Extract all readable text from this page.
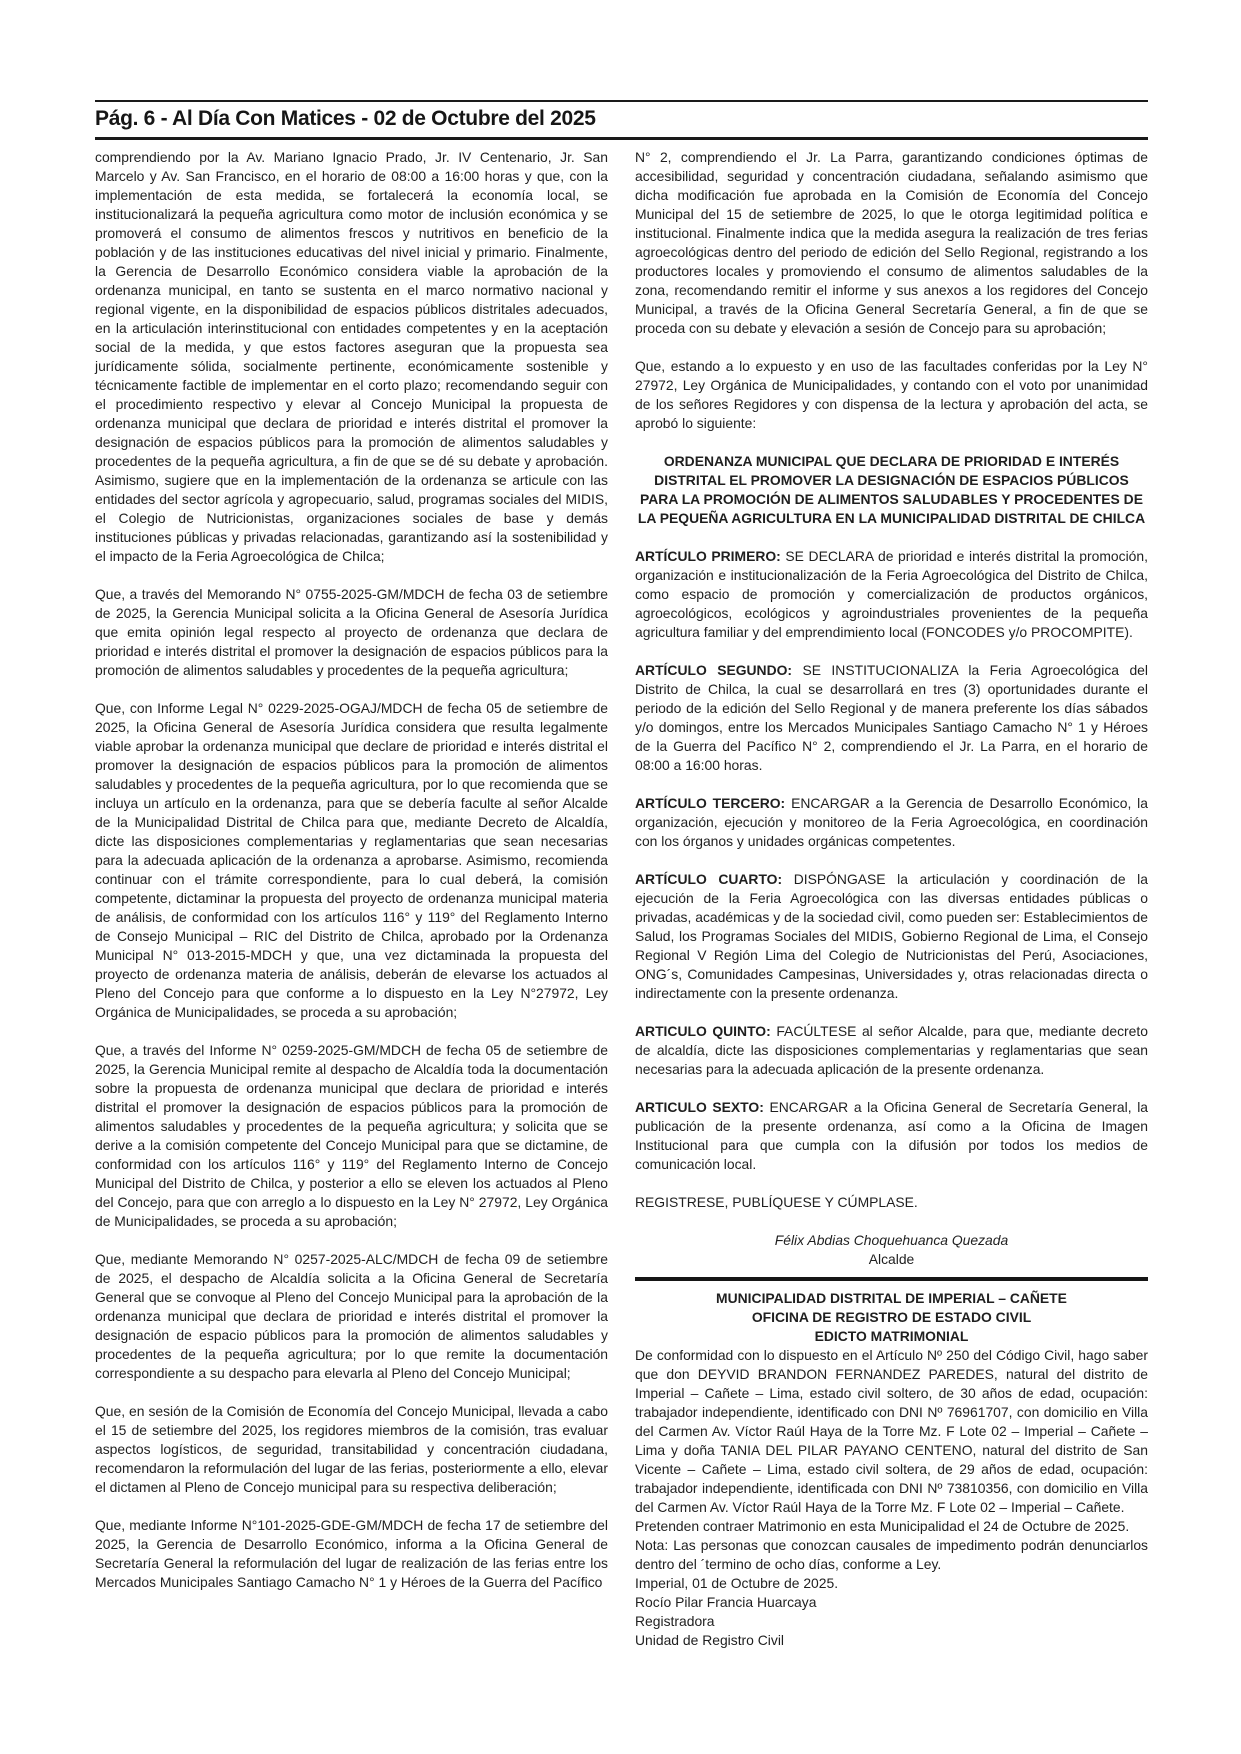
Pág. 6 - Al Día Con Matices - 02 de Octubre del 2025

comprendiendo por la Av. Mariano Ignacio Prado, Jr. IV Centenario, Jr. San Marcelo y Av. San Francisco, en el horario de 08:00 a 16:00 horas y que, con la implementación de esta medida, se fortalecerá la economía local, se institucionalizará la pequeña agricultura como motor de inclusión económica y se promoverá el consumo de alimentos frescos y nutritivos en beneficio de la población y de las instituciones educativas del nivel inicial y primario. Finalmente, la Gerencia de Desarrollo Económico considera viable la aprobación de la ordenanza municipal, en tanto se sustenta en el marco normativo nacional y regional vigente, en la disponibilidad de espacios públicos distritales adecuados, en la articulación interinstitucional con entidades competentes y en la aceptación social de la medida, y que estos factores aseguran que la propuesta sea jurídicamente sólida, socialmente pertinente, económicamente sostenible y técnicamente factible de implementar en el corto plazo; recomendando seguir con el procedimiento respectivo y elevar al Concejo Municipal la propuesta de ordenanza municipal que declara de prioridad e interés distrital el promover la designación de espacios públicos para la promoción de alimentos saludables y procedentes de la pequeña agricultura, a fin de que se dé su debate y aprobación. Asimismo, sugiere que en la implementación de la ordenanza se articule con las entidades del sector agrícola y agropecuario, salud, programas sociales del MIDIS, el Colegio de Nutricionistas, organizaciones sociales de base y demás instituciones públicas y privadas relacionadas, garantizando así la sostenibilidad y el impacto de la Feria Agroecológica de Chilca;

Que, a través del Memorando N° 0755-2025-GM/MDCH de fecha 03 de setiembre de 2025, la Gerencia Municipal solicita a la Oficina General de Asesoría Jurídica que emita opinión legal respecto al proyecto de ordenanza que declara de prioridad e interés distrital el promover la designación de espacios públicos para la promoción de alimentos saludables y procedentes de la pequeña agricultura;

Que, con Informe Legal N° 0229-2025-OGAJ/MDCH de fecha 05 de setiembre de 2025, la Oficina General de Asesoría Jurídica considera que resulta legalmente viable aprobar la ordenanza municipal que declare de prioridad e interés distrital el promover la designación de espacios públicos para la promoción de alimentos saludables y procedentes de la pequeña agricultura, por lo que recomienda que se incluya un artículo en la ordenanza, para que se debería faculte al señor Alcalde de la Municipalidad Distrital de Chilca para que, mediante Decreto de Alcaldía, dicte las disposiciones complementarias y reglamentarias que sean necesarias para la adecuada aplicación de la ordenanza a aprobarse. Asimismo, recomienda continuar con el trámite correspondiente, para lo cual deberá, la comisión competente, dictaminar la propuesta del proyecto de ordenanza municipal materia de análisis, de conformidad con los artículos 116° y 119° del Reglamento Interno de Consejo Municipal – RIC del Distrito de Chilca, aprobado por la Ordenanza Municipal N° 013-2015-MDCH y que, una vez dictaminada la propuesta del proyecto de ordenanza materia de análisis, deberán de elevarse los actuados al Pleno del Concejo para que conforme a lo dispuesto en la Ley N°27972, Ley Orgánica de Municipalidades, se proceda a su aprobación;

Que, a través del Informe N° 0259-2025-GM/MDCH de fecha 05 de setiembre de 2025, la Gerencia Municipal remite al despacho de Alcaldía toda la documentación sobre la propuesta de ordenanza municipal que declara de prioridad e interés distrital el promover la designación de espacios públicos para la promoción de alimentos saludables y procedentes de la pequeña agricultura; y solicita que se derive a la comisión competente del Concejo Municipal para que se dictamine, de conformidad con los artículos 116° y 119° del Reglamento Interno de Concejo Municipal del Distrito de Chilca, y posterior a ello se eleven los actuados al Pleno del Concejo, para que con arreglo a lo dispuesto en la Ley N° 27972, Ley Orgánica de Municipalidades, se proceda a su aprobación;

Que, mediante Memorando N° 0257-2025-ALC/MDCH de fecha 09 de setiembre de 2025, el despacho de Alcaldía solicita a la Oficina General de Secretaría General que se convoque al Pleno del Concejo Municipal para la aprobación de la ordenanza municipal que declara de prioridad e interés distrital el promover la designación de espacio públicos para la promoción de alimentos saludables y procedentes de la pequeña agricultura; por lo que remite la documentación correspondiente a su despacho para elevarla al Pleno del Concejo Municipal;

Que, en sesión de la Comisión de Economía del Concejo Municipal, llevada a cabo el 15 de setiembre del 2025, los regidores miembros de la comisión, tras evaluar aspectos logísticos, de seguridad, transitabilidad y concentración ciudadana, recomendaron la reformulación del lugar de las ferias, posteriormente a ello, elevar el dictamen al Pleno de Concejo municipal para su respectiva deliberación;

Que, mediante Informe N°101-2025-GDE-GM/MDCH de fecha 17 de setiembre del 2025, la Gerencia de Desarrollo Económico, informa a la Oficina General de Secretaría General la reformulación del lugar de realización de las ferias entre los Mercados Municipales Santiago Camacho N° 1 y Héroes de la Guerra del Pacífico

N° 2, comprendiendo el Jr. La Parra, garantizando condiciones óptimas de accesibilidad, seguridad y concentración ciudadana, señalando asimismo que dicha modificación fue aprobada en la Comisión de Economía del Concejo Municipal del 15 de setiembre de 2025, lo que le otorga legitimidad política e institucional. Finalmente indica que la medida asegura la realización de tres ferias agroecológicas dentro del periodo de edición del Sello Regional, registrando a los productores locales y promoviendo el consumo de alimentos saludables de la zona, recomendando remitir el informe y sus anexos a los regidores del Concejo Municipal, a través de la Oficina General Secretaría General, a fin de que se proceda con su debate y elevación a sesión de Concejo para su aprobación;

Que, estando a lo expuesto y en uso de las facultades conferidas por la Ley N° 27972, Ley Orgánica de Municipalidades, y contando con el voto por unanimidad de los señores Regidores y con dispensa de la lectura y aprobación del acta, se aprobó lo siguiente:

ORDENANZA MUNICIPAL QUE DECLARA DE PRIORIDAD E INTERÉS DISTRITAL EL PROMOVER LA DESIGNACIÓN DE ESPACIOS PÚBLICOS PARA LA PROMOCIÓN DE ALIMENTOS SALUDABLES Y PROCEDENTES DE LA PEQUEÑA AGRICULTURA EN LA MUNICIPALIDAD DISTRITAL DE CHILCA

ARTÍCULO PRIMERO: SE DECLARA de prioridad e interés distrital la promoción, organización e institucionalización de la Feria Agroecológica del Distrito de Chilca, como espacio de promoción y comercialización de productos orgánicos, agroecológicos, ecológicos y agroindustriales provenientes de la pequeña agricultura familiar y del emprendimiento local (FONCODES y/o PROCOMPITE).

ARTÍCULO SEGUNDO: SE INSTITUCIONALIZA la Feria Agroecológica del Distrito de Chilca, la cual se desarrollará en tres (3) oportunidades durante el periodo de la edición del Sello Regional y de manera preferente los días sábados y/o domingos, entre los Mercados Municipales Santiago Camacho N° 1 y Héroes de la Guerra del Pacífico N° 2, comprendiendo el Jr. La Parra, en el horario de 08:00 a 16:00 horas.

ARTÍCULO TERCERO: ENCARGAR a la Gerencia de Desarrollo Económico, la organización, ejecución y monitoreo de la Feria Agroecológica, en coordinación con los órganos y unidades orgánicas competentes.

ARTÍCULO CUARTO: DISPÓNGASE la articulación y coordinación de la ejecución de la Feria Agroecológica con las diversas entidades públicas o privadas, académicas y de la sociedad civil, como pueden ser: Establecimientos de Salud, los Programas Sociales del MIDIS, Gobierno Regional de Lima, el Consejo Regional V Región Lima del Colegio de Nutricionistas del Perú, Asociaciones, ONG´s, Comunidades Campesinas, Universidades y, otras relacionadas directa o indirectamente con la presente ordenanza.

ARTICULO QUINTO: FACÚLTESE al señor Alcalde, para que, mediante decreto de alcaldía, dicte las disposiciones complementarias y reglamentarias que sean necesarias para la adecuada aplicación de la presente ordenanza.

ARTICULO SEXTO: ENCARGAR a la Oficina General de Secretaría General, la publicación de la presente ordenanza, así como a la Oficina de Imagen Institucional para que cumpla con la difusión por todos los medios de comunicación local.

REGISTRESE, PUBLÍQUESE Y CÚMPLASE.

Félix Abdias Choquehuanca Quezada

Alcalde

MUNICIPALIDAD DISTRITAL DE IMPERIAL – CAÑETE
OFICINA DE REGISTRO DE ESTADO CIVIL
EDICTO MATRIMONIAL

De conformidad con lo dispuesto en el Artículo Nº 250 del Código Civil, hago saber que don DEYVID BRANDON FERNANDEZ PAREDES, natural del distrito de Imperial – Cañete – Lima, estado civil soltero, de 30 años de edad, ocupación: trabajador independiente, identificado con DNI Nº 76961707, con domicilio en Villa del Carmen Av. Víctor Raúl Haya de la Torre Mz. F Lote 02 – Imperial – Cañete – Lima y doña TANIA DEL PILAR PAYANO CENTENO, natural del distrito de San Vicente – Cañete – Lima, estado civil soltera, de 29 años de edad, ocupación: trabajador independiente, identificada con DNI Nº 73810356, con domicilio en Villa del Carmen Av. Víctor Raúl Haya de la Torre Mz. F Lote 02 – Imperial – Cañete.

Pretenden contraer Matrimonio en esta Municipalidad el 24 de Octubre de 2025.

Nota: Las personas que conozcan causales de impedimento podrán denunciarlos dentro del ´termino de ocho días, conforme a Ley.

Imperial, 01 de Octubre de 2025.

Rocío Pilar Francia Huarcaya

Registradora

Unidad de Registro Civil
